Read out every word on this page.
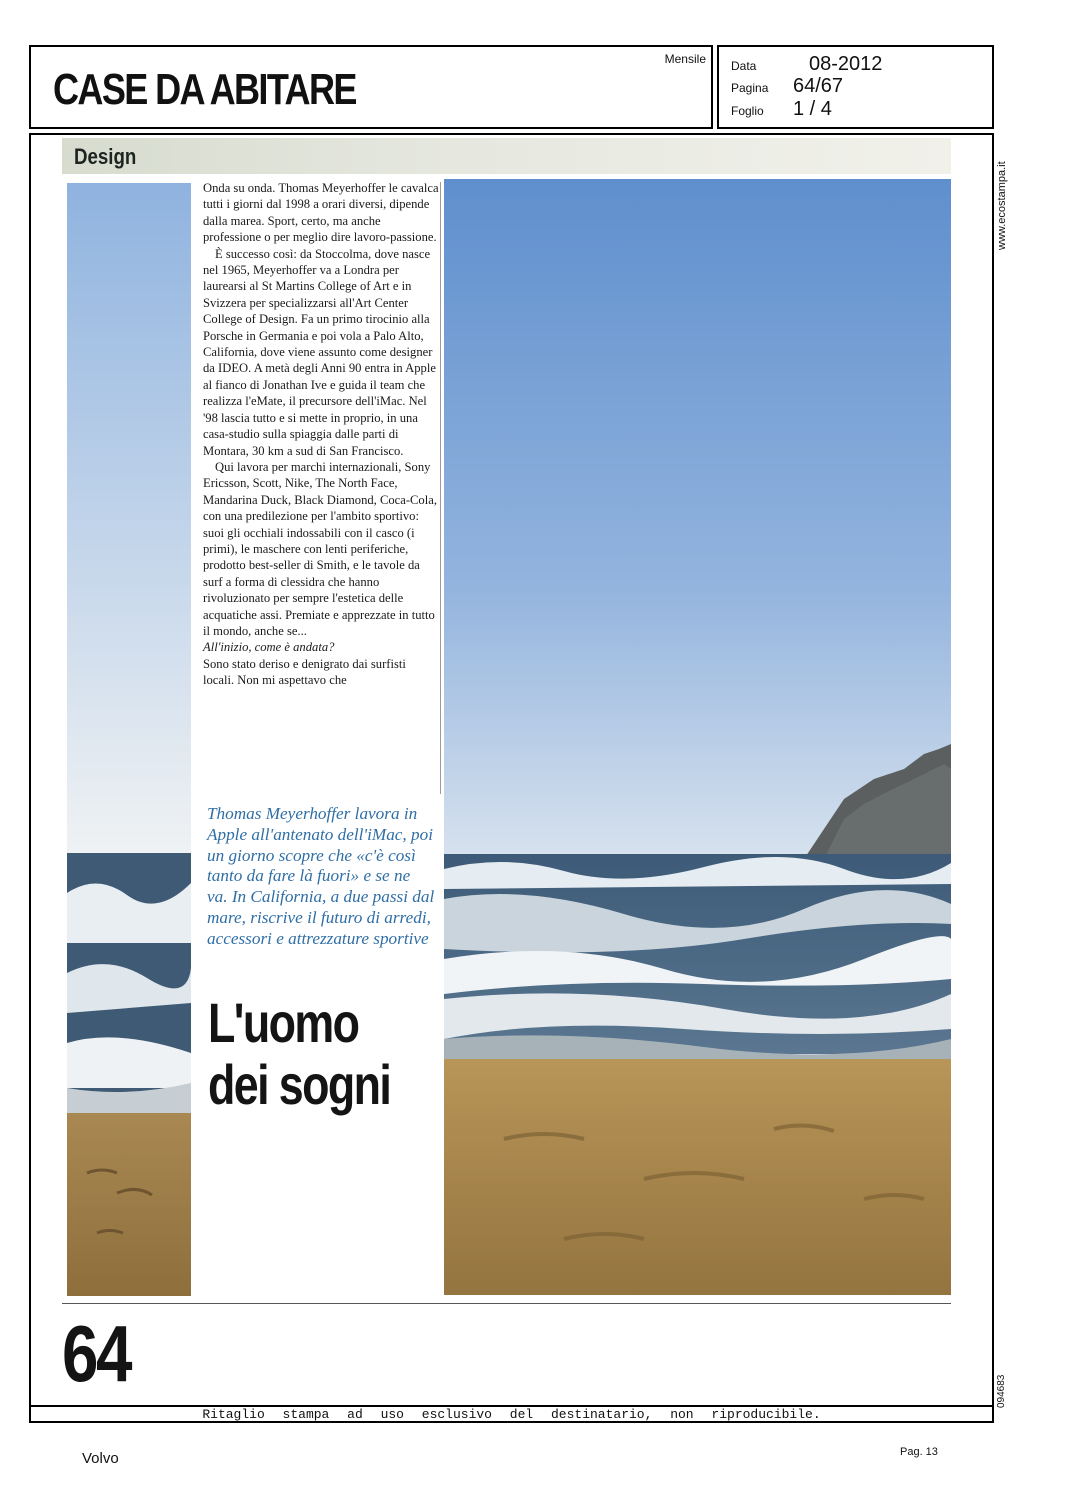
CASE DA ABITARE
Mensile Data	08-2012
Pagina	64/67
Foglio	1 / 4
www.ecostampa.it
094683
Design

Onda su onda. Thomas Meyerhoffer le cavalca tutti i giorni dal 1998 a orari diversi, dipende dalla marea. Sport, certo, ma anche professione o per meglio dire lavoro-passione.

È successo così: da Stoccolma, dove nasce nel 1965, Meyerhoffer va a Londra per laurearsi al St Martins College of Art e in Svizzera per specializzarsi all'Art Center College of Design. Fa un primo tirocinio alla Porsche in Germania e poi vola a Palo Alto, California, dove viene assunto come designer da IDEO. A metà degli Anni 90 entra in Apple al fianco di Jonathan Ive e guida il team che realizza l'eMate, il precursore dell'iMac. Nel '98 lascia tutto e si mette in proprio, in una casa-studio sulla spiaggia dalle parti di Montara, 30 km a sud di San Francisco.

Qui lavora per marchi internazionali, Sony Ericsson, Scott, Nike, The North Face, Mandarina Duck, Black Diamond, Coca-Cola, con una predilezione per l'ambito sportivo: suoi gli occhiali indossabili con il casco (i primi), le maschere con lenti periferiche, prodotto best-seller di Smith, e le tavole da surf a forma di clessidra che hanno rivoluzionato per sempre l'estetica delle acquatiche assi. Premiate e apprezzate in tutto il mondo, anche se...

All'inizio, come è andata?

Sono stato deriso e denigrato dai surfisti locali. Non mi aspettavo che

Thomas Meyerhoffer lavora in Apple all'antenato dell'iMac, poi un giorno scopre che «c'è così tanto da fare là fuori» e se ne va. In California, a due passi dal mare, riscrive il futuro di arredi, accessori e attrezzature sportive
L'uomo
dei sogni
64
Ritaglio stampa ad uso esclusivo del destinatario, non riproducibile.
Volvo	Pag. 13
